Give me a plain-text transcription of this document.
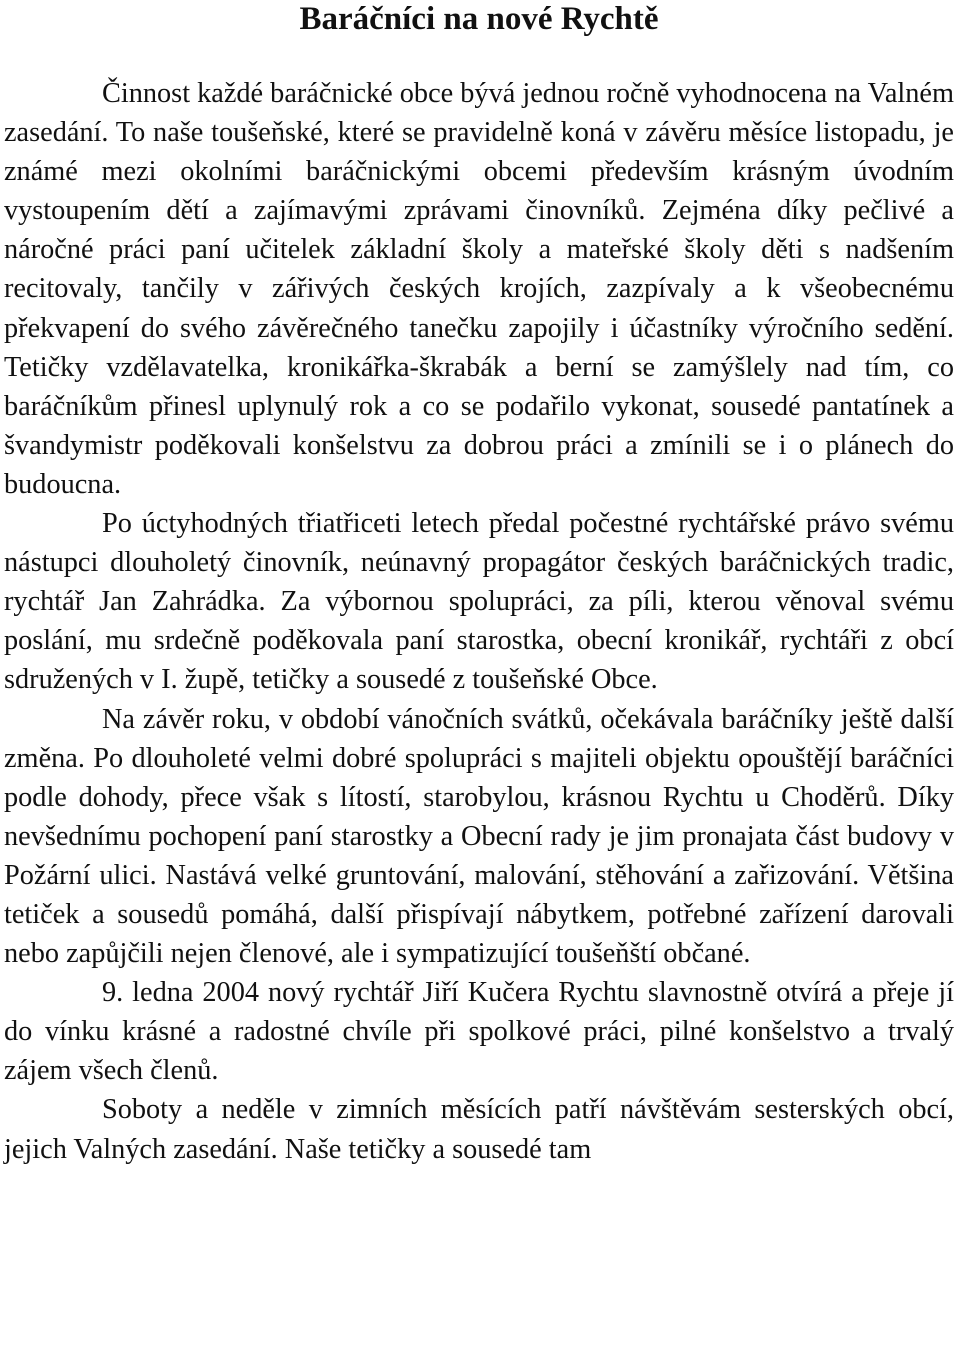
Baráčníci na nové Rychtě

Činnost každé baráčnické obce bývá jednou ročně vyhodnocena na Valném zasedání. To naše toušeňské, které se pravidelně koná v závěru měsíce listopadu, je známé mezi okolními baráčnickými obcemi především krásným úvodním vystoupením dětí a zajímavými zprávami činovníků. Zejména díky pečlivé a náročné práci paní učitelek základní školy a mateřské školy děti s nadšením recitovaly, tančily v zářivých českých krojích, zazpívaly a k všeobecnému překvapení do svého závěrečného tanečku zapojily i účastníky výročního sedění. Tetičky vzdělavatelka, kronikářka-škrabák a berní se zamýšlely nad tím, co baráčníkům přinesl uplynulý rok a co se podařilo vykonat, sousedé pantatínek a švandymistr poděkovali konšelstvu za dobrou práci a zmínili se i o plánech do budoucna.

Po úctyhodných třiatřiceti letech předal počestné rychtářské právo svému nástupci dlouholetý činovník, neúnavný propagátor českých baráčnických tradic, rychtář Jan Zahrádka. Za výbornou spolupráci, za píli, kterou věnoval svému poslání, mu srdečně poděkovala paní starostka, obecní kronikář, rychtáři z obcí sdružených v I. župě, tetičky a sousedé z toušeňské Obce.

Na závěr roku, v období vánočních svátků, očekávala baráčníky ještě další změna. Po dlouholeté velmi dobré spolupráci s majiteli objektu opouštějí baráčníci podle dohody, přece však s lítostí, starobylou, krásnou Rychtu u Choděrů. Díky nevšednímu pochopení paní starostky a Obecní rady je jim pronajata část budovy v Požární ulici. Nastává velké gruntování, malování, stěhování a zařizování. Většina tetiček a sousedů pomáhá, další přispívají nábytkem, potřebné zařízení darovali nebo zapůjčili nejen členové, ale i sympatizující toušeňští občané.

9. ledna 2004 nový rychtář Jiří Kučera Rychtu slavnostně otvírá a přeje jí do vínku krásné a radostné chvíle při spolkové práci, pilné konšelstvo a trvalý zájem všech členů.

Soboty a neděle v zimních měsících patří návštěvám sesterských obcí, jejich Valných zasedání. Naše tetičky a sousedé tam
